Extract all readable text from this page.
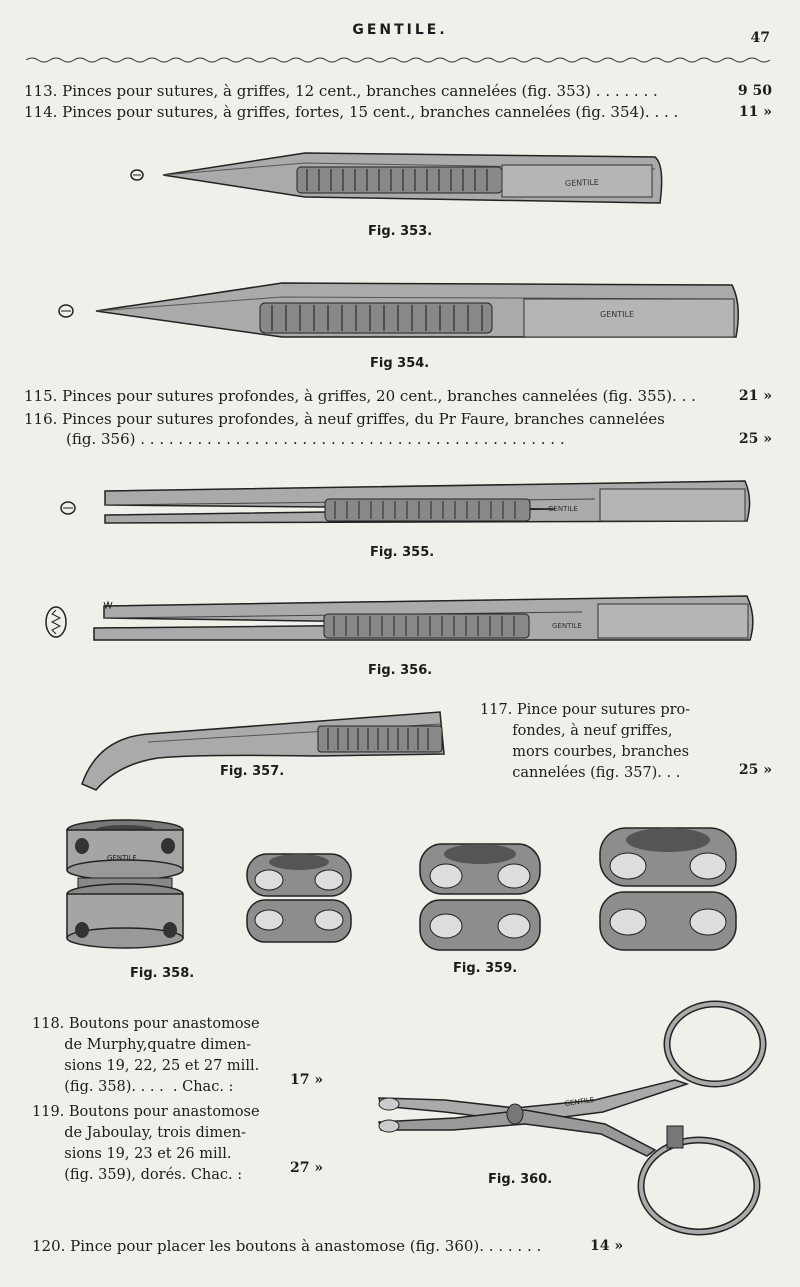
GENTILE.	47
113. Pinces pour sutures, à griffes, 12 cent., branches cannelées (fig. 353) . . . . . . .	9 50
114. Pinces pour sutures, à griffes, fortes, 15 cent., branches cannelées (fig. 354). . . .	11 »
GENTILE
Fig. 353.
GENTILE
Fig 354.
115. Pinces pour sutures profondes, à griffes, 20 cent., branches cannelées (fig. 355). . .	21 »
116. Pinces pour sutures profondes, à neuf griffes, du Pr Faure, branches cannelées
(fig. 356) . . . . . . . . . . . . . . . . . . . . . . . . . . . . . . . . . . . . . . . . . . . . .	25 »
GENTILE
Fig. 355.
GENTILE
Fig. 356.
Fig. 357.
117. Pince pour sutures pro-
fondes, à neuf griffes,
mors courbes, branches
cannelées (fig. 357). . .	25 »
GENTILE
Fig. 358.	Fig. 359.
118. Boutons pour anastomose
de Murphy,quatre dimen-
sions 19, 22, 25 et 27 mill.
(fig. 358). . . .  . Chac. :	17 »
119. Boutons pour anastomose
de Jaboulay, trois dimen-
sions 19, 23 et 26 mill.
(fig. 359), dorés. Chac. :	27 »
GENTILE
Fig. 360.
120. Pince pour placer les boutons à anastomose (fig. 360). . . . . . .	14 »
